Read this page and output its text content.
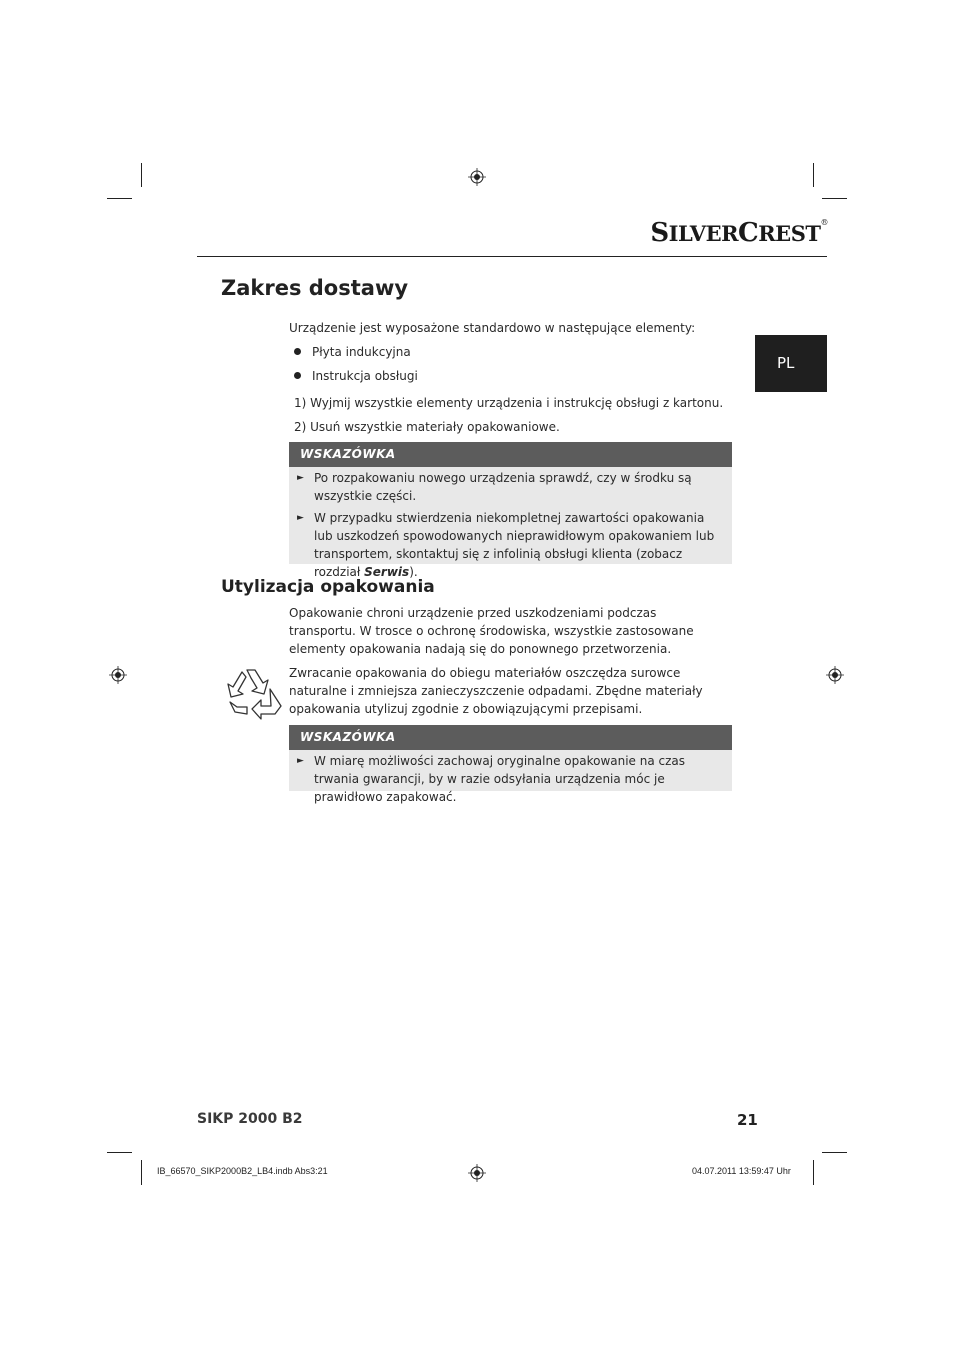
SILVERCREST®
PL
Zakres dostawy
Urządzenie jest wyposażone standardowo w następujące elementy:
Płyta indukcyjna
Instrukcja obsługi
1) Wyjmij wszystkie elementy urządzenia i instrukcję obsługi z kartonu.
2) Usuń wszystkie materiały opakowaniowe.
WSKAZÓWKA
► Po rozpakowaniu nowego urządzenia sprawdź, czy w środku są wszystkie części.
► W przypadku stwierdzenia niekompletnej zawartości opakowania lub uszkodzeń spowodowanych nieprawidłowym opakowaniem lub transportem, skontaktuj się z infolinią obsługi klienta (zobacz rozdział Serwis).
Utylizacja opakowania
Opakowanie chroni urządzenie przed uszkodzeniami podczas transportu. W trosce o ochronę środowiska, wszystkie zastosowane elementy opakowania nadają się do ponownego przetworzenia.
Zwracanie opakowania do obiegu materiałów oszczędza surowce naturalne i zmniejsza zanieczyszczenie odpadami. Zbędne materiały opakowania utylizuj zgodnie z obowiązującymi przepisami.
WSKAZÓWKA
► W miarę możliwości zachowaj oryginalne opakowanie na czas trwania gwarancji, by w razie odsyłania urządzenia móc je prawidłowo zapakować.
SIKP 2000 B2	21
IB_66570_SIKP2000B2_LB4.indb Abs3:21	04.07.2011 13:59:47 Uhr
